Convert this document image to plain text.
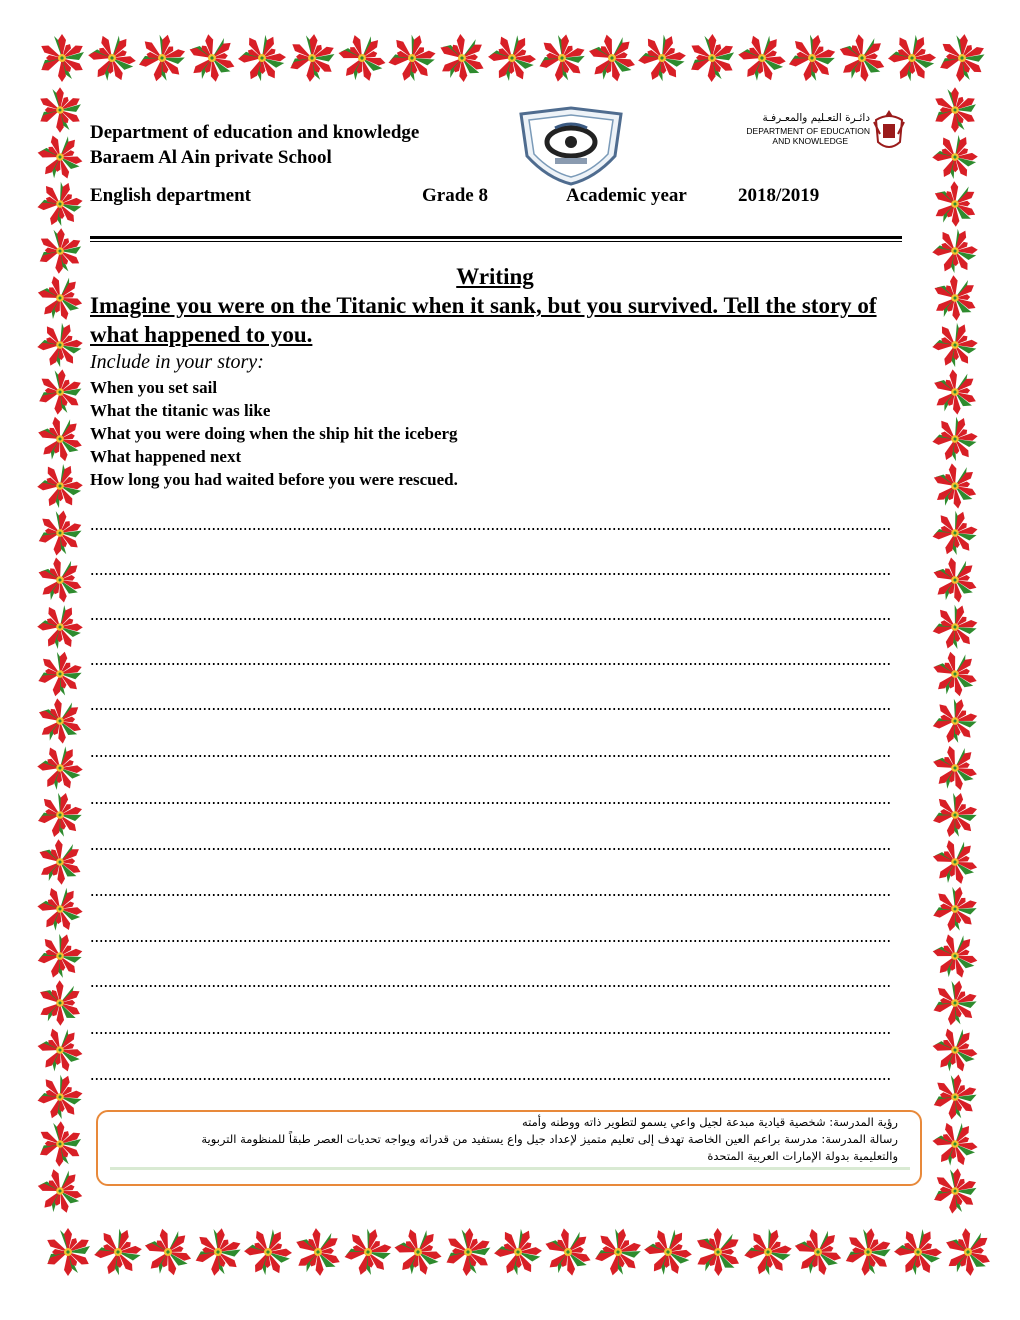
Department of education and knowledge
Baraem Al Ain private School
English department	Grade 8	Academic year	2018/2019
دائـرة التعـليم والمعـرفـة
DEPARTMENT OF EDUCATION
AND KNOWLEDGE
Writing
Imagine you were on the Titanic when it sank, but you survived. Tell the story of what happened to you.
Include in your story:
When you set sail
What the titanic was like
What you were doing when the ship hit the iceberg
What happened next
How long you had waited before you were rescued.
رؤية المدرسة: شخصية قيادية مبدعة لجيل واعي يسمو لتطوير ذاته ووطنه وأمته
رسالة المدرسة: مدرسة براعم العين الخاصة تهدف إلى تعليم متميز لإعداد جيل واع يستفيد من قدراته ويواجه تحديات العصر طبقاً للمنظومة التربوية
والتعليمية بدولة الإمارات العربية المتحدة
